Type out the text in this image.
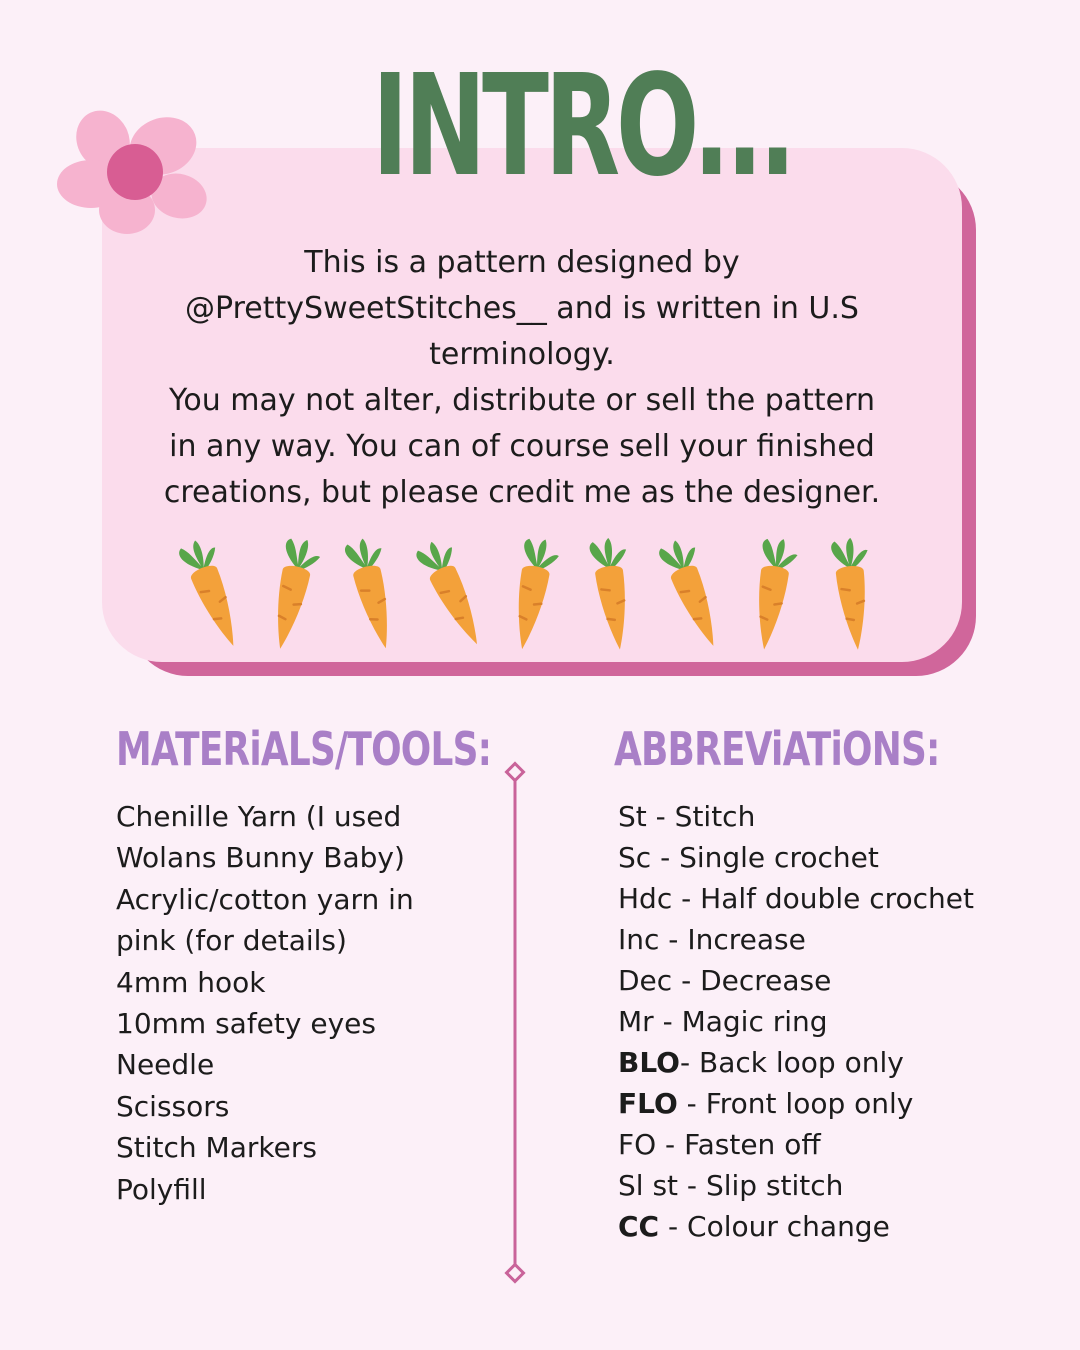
INTRO...

This is a pattern designed by

@PrettySweetStitches__ and is written in U.S

terminology.

You may not alter, distribute or sell the pattern

in any way. You can of course sell your finished

creations, but please credit me as the designer.

MATERiALS/TOOLS:	ABBREViATiONS:
Chenille Yarn (I used
Wolans Bunny Baby)
Acrylic/cotton yarn in
pink (for details)
4mm hook
10mm safety eyes
Needle
Scissors
Stitch Markers
Polyfill
St - Stitch
Sc - Single crochet
Hdc - Half double crochet
Inc - Increase
Dec - Decrease
Mr - Magic ring
BLO- Back loop only
FLO - Front loop only
FO - Fasten off
Sl st - Slip stitch
CC - Colour change
